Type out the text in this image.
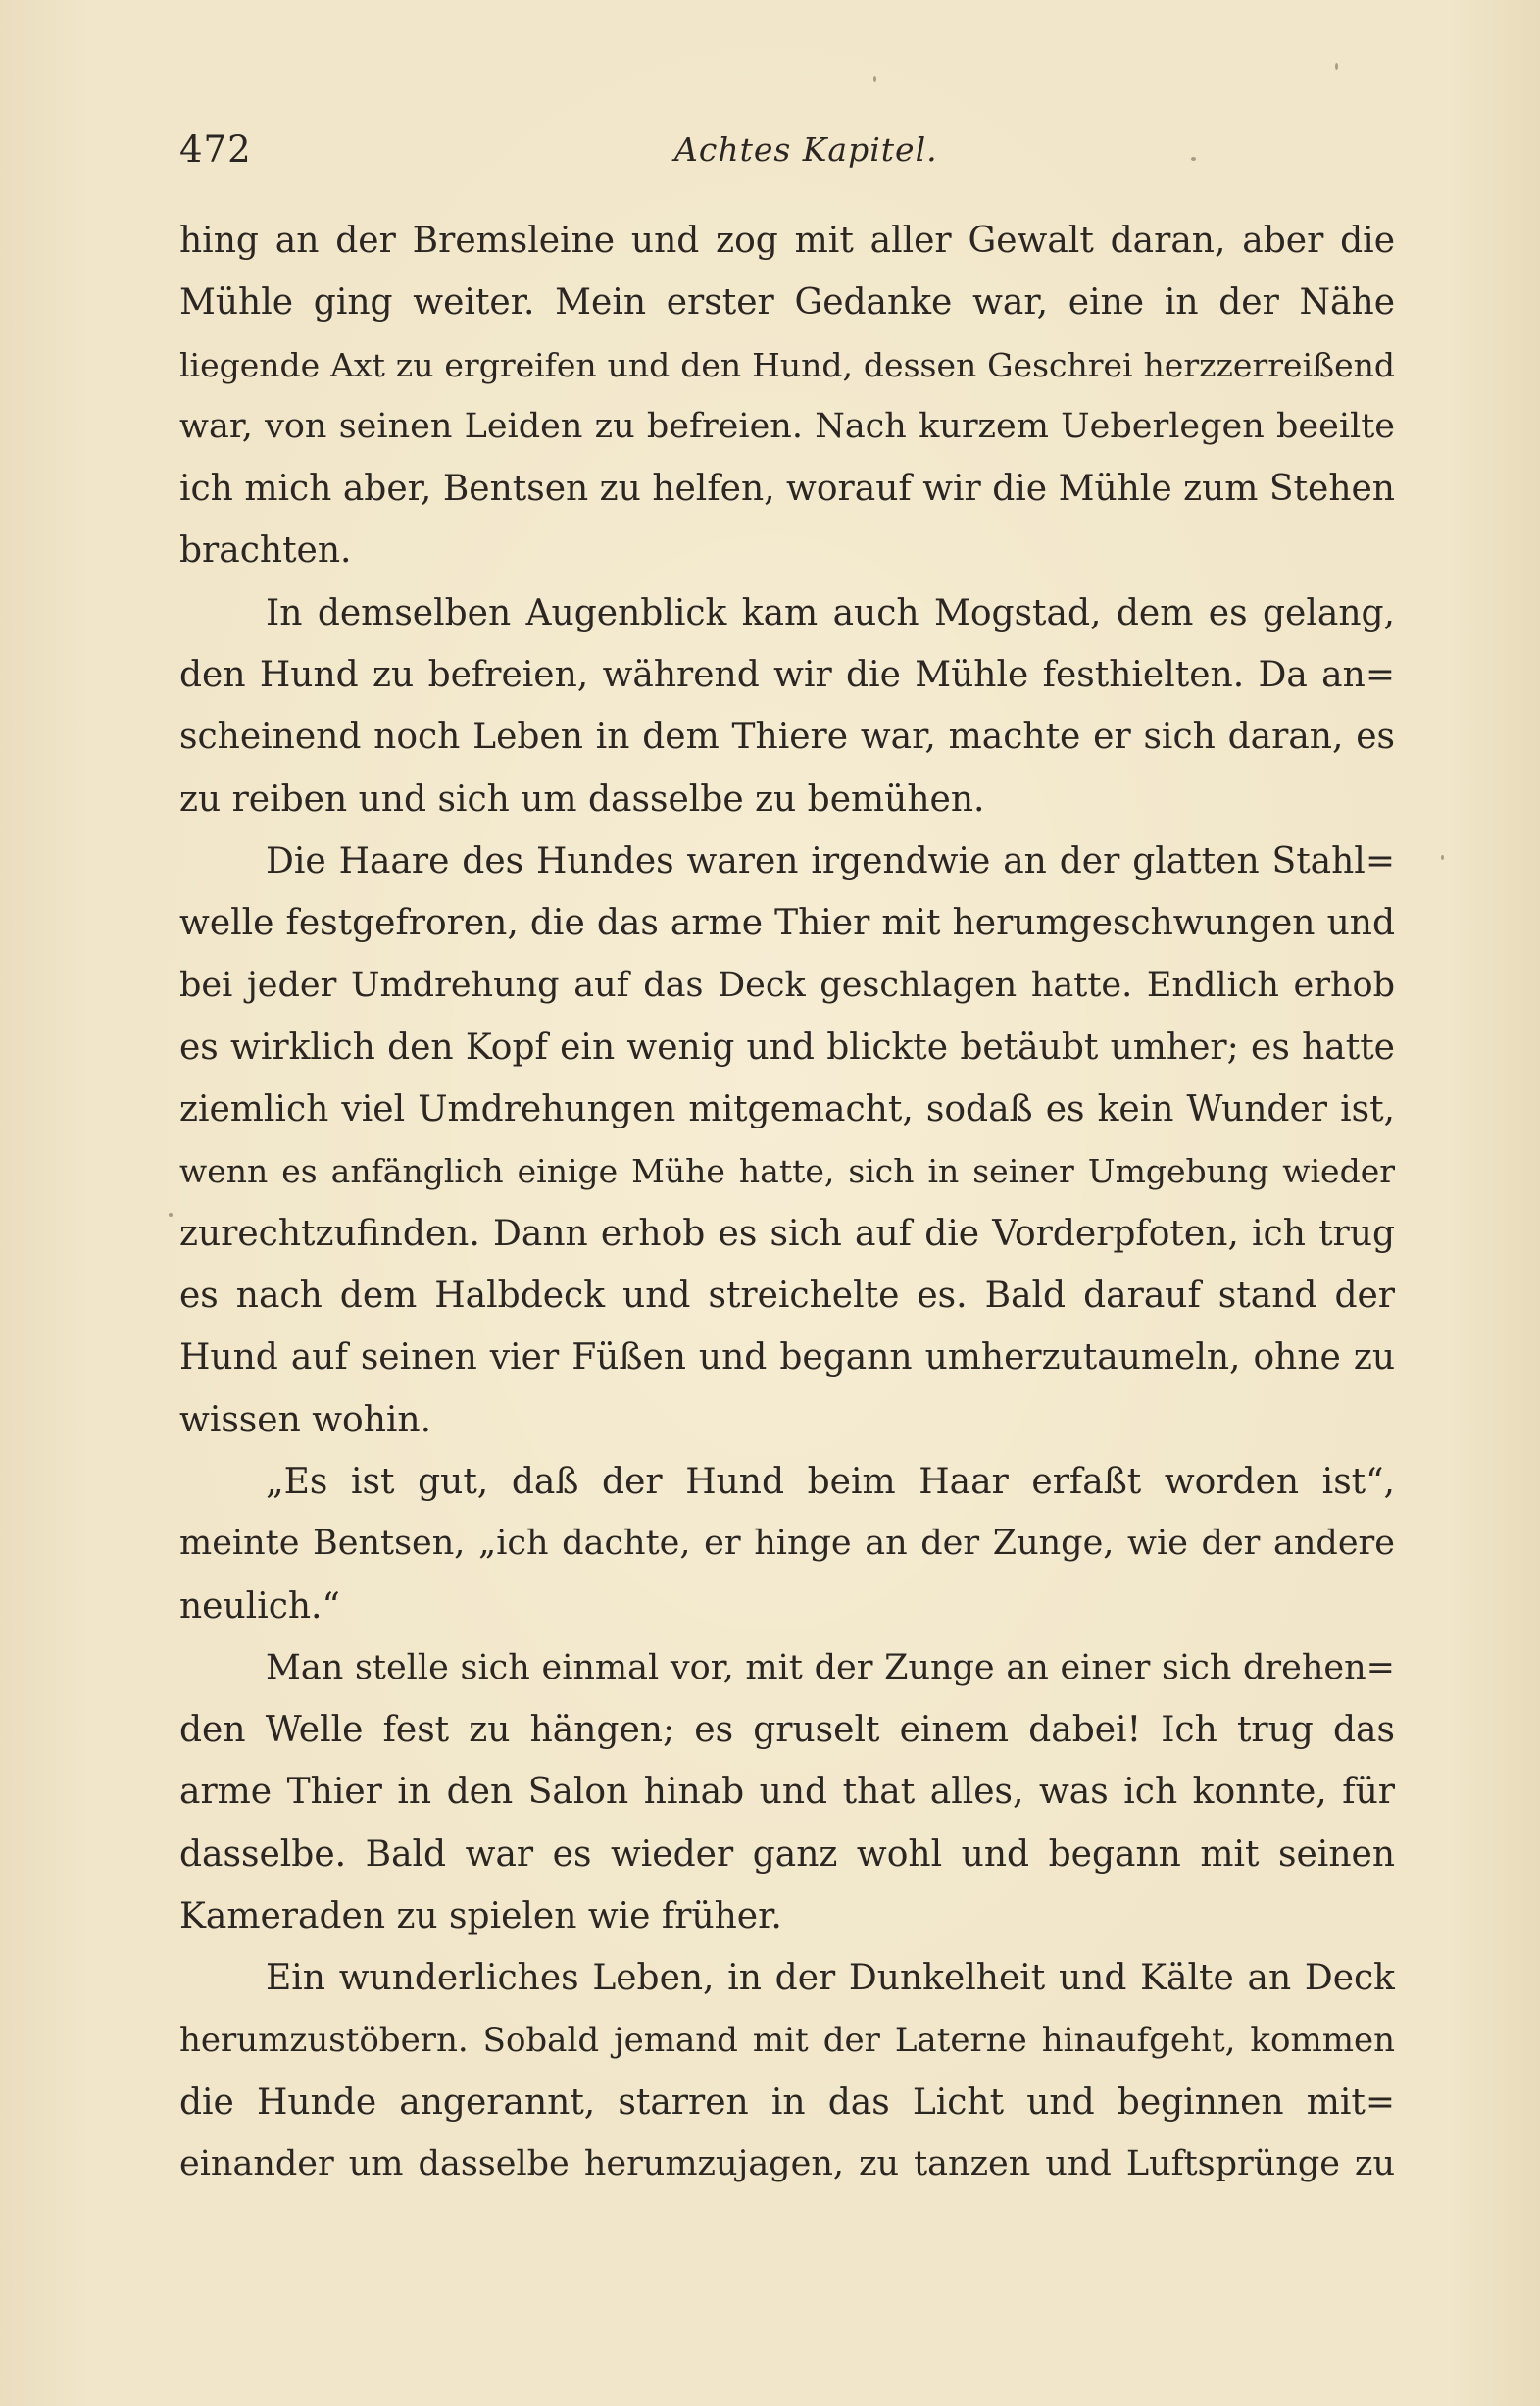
472	Achtes Kapitel.
hing an der Bremsleine und zog mit aller Gewalt daran, aber die
Mühle ging weiter. Mein erster Gedanke war, eine in der Nähe
liegende Axt zu ergreifen und den Hund, dessen Geschrei herzzerreißend
war, von seinen Leiden zu befreien. Nach kurzem Ueberlegen beeilte
ich mich aber, Bentsen zu helfen, worauf wir die Mühle zum Stehen
brachten.
In demselben Augenblick kam auch Mogstad, dem es gelang,
den Hund zu befreien, während wir die Mühle festhielten. Da an=
scheinend noch Leben in dem Thiere war, machte er sich daran, es
zu reiben und sich um dasselbe zu bemühen.
Die Haare des Hundes waren irgendwie an der glatten Stahl=
welle festgefroren, die das arme Thier mit herumgeschwungen und
bei jeder Umdrehung auf das Deck geschlagen hatte. Endlich erhob
es wirklich den Kopf ein wenig und blickte betäubt umher; es hatte
ziemlich viel Umdrehungen mitgemacht, sodaß es kein Wunder ist,
wenn es anfänglich einige Mühe hatte, sich in seiner Umgebung wieder
zurechtzufinden. Dann erhob es sich auf die Vorderpfoten, ich trug
es nach dem Halbdeck und streichelte es. Bald darauf stand der
Hund auf seinen vier Füßen und begann umherzutaumeln, ohne zu
wissen wohin.
„Es ist gut, daß der Hund beim Haar erfaßt worden ist“,
meinte Bentsen, „ich dachte, er hinge an der Zunge, wie der andere
neulich.“
Man stelle sich einmal vor, mit der Zunge an einer sich drehen=
den Welle fest zu hängen; es gruselt einem dabei! Ich trug das
arme Thier in den Salon hinab und that alles, was ich konnte, für
dasselbe. Bald war es wieder ganz wohl und begann mit seinen
Kameraden zu spielen wie früher.
Ein wunderliches Leben, in der Dunkelheit und Kälte an Deck
herumzustöbern. Sobald jemand mit der Laterne hinaufgeht, kommen
die Hunde angerannt, starren in das Licht und beginnen mit=
einander um dasselbe herumzujagen, zu tanzen und Luftsprünge zu
